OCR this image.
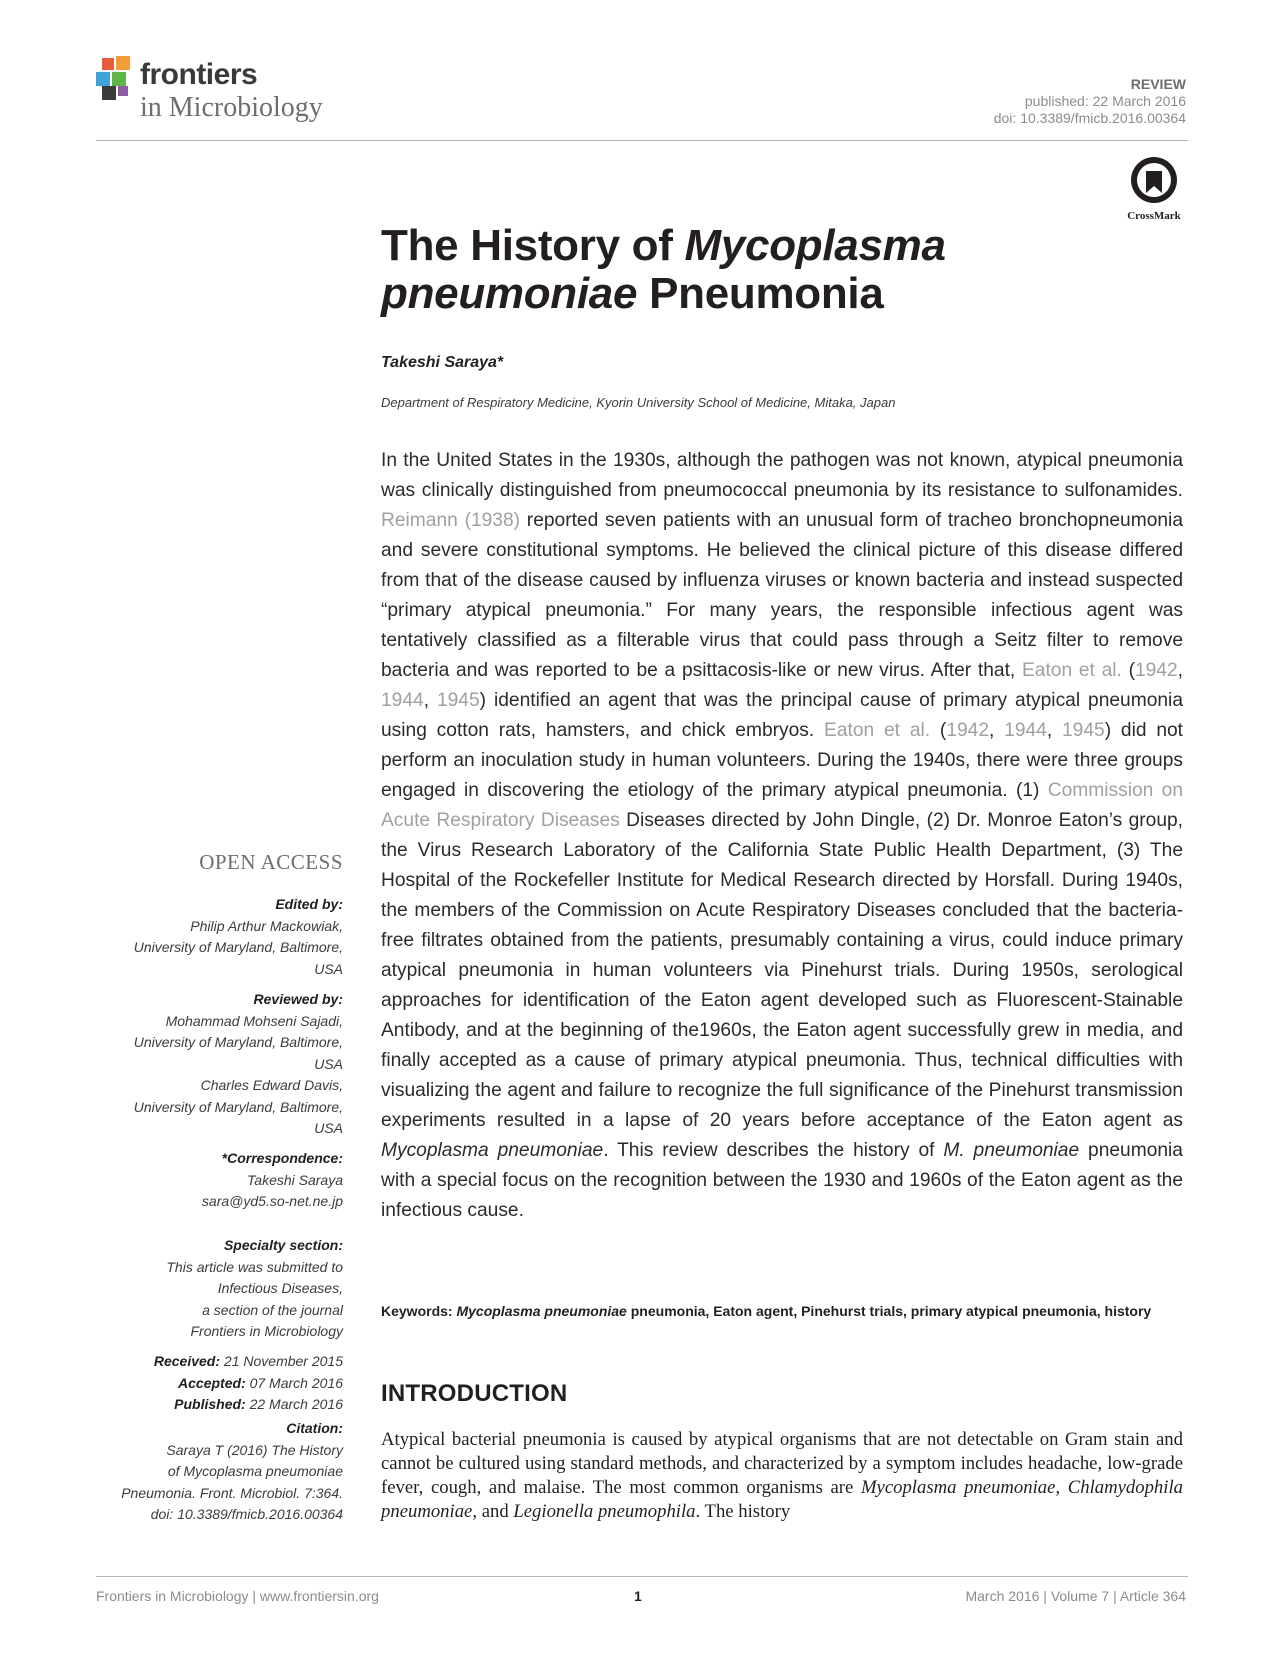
frontiers
in Microbiology
REVIEW
published: 22 March 2016
doi: 10.3389/fmicb.2016.00364
CrossMark
The History of Mycoplasma
pneumoniae Pneumonia
Takeshi Saraya*
Department of Respiratory Medicine, Kyorin University School of Medicine, Mitaka, Japan
In the United States in the 1930s, although the pathogen was not known, atypical pneumonia was clinically distinguished from pneumococcal pneumonia by its resistance to sulfonamides. Reimann (1938) reported seven patients with an unusual form of tracheo bronchopneumonia and severe constitutional symptoms. He believed the clinical picture of this disease differed from that of the disease caused by influenza viruses or known bacteria and instead suspected “primary atypical pneumonia.” For many years, the responsible infectious agent was tentatively classified as a filterable virus that could pass through a Seitz filter to remove bacteria and was reported to be a psittacosis-like or new virus. After that, Eaton et al. (1942, 1944, 1945) identified an agent that was the principal cause of primary atypical pneumonia using cotton rats, hamsters, and chick embryos. Eaton et al. (1942, 1944, 1945) did not perform an inoculation study in human volunteers. During the 1940s, there were three groups engaged in discovering the etiology of the primary atypical pneumonia. (1) Commission on Acute Respiratory Diseases Diseases directed by John Dingle, (2) Dr. Monroe Eaton’s group, the Virus Research Laboratory of the California State Public Health Department, (3) The Hospital of the Rockefeller Institute for Medical Research directed by Horsfall. During 1940s, the members of the Commission on Acute Respiratory Diseases concluded that the bacteria-free filtrates obtained from the patients, presumably containing a virus, could induce primary atypical pneumonia in human volunteers via Pinehurst trials. During 1950s, serological approaches for identification of the Eaton agent developed such as Fluorescent-Stainable Antibody, and at the beginning of the1960s, the Eaton agent successfully grew in media, and finally accepted as a cause of primary atypical pneumonia. Thus, technical difficulties with visualizing the agent and failure to recognize the full significance of the Pinehurst transmission experiments resulted in a lapse of 20 years before acceptance of the Eaton agent as Mycoplasma pneumoniae. This review describes the history of M. pneumoniae pneumonia with a special focus on the recognition between the 1930 and 1960s of the Eaton agent as the infectious cause.
Keywords: Mycoplasma pneumoniae pneumonia, Eaton agent, Pinehurst trials, primary atypical pneumonia, history
INTRODUCTION
Atypical bacterial pneumonia is caused by atypical organisms that are not detectable on Gram stain and cannot be cultured using standard methods, and characterized by a symptom includes headache, low-grade fever, cough, and malaise. The most common organisms are Mycoplasma pneumoniae, Chlamydophila pneumoniae, and Legionella pneumophila. The history
OPEN ACCESS
Edited by:
Philip Arthur Mackowiak,
University of Maryland, Baltimore,
USA
Reviewed by:
Mohammad Mohseni Sajadi,
University of Maryland, Baltimore,
USA
Charles Edward Davis,
University of Maryland, Baltimore,
USA
*Correspondence:
Takeshi Saraya
sara@yd5.so-net.ne.jp
Specialty section:
This article was submitted to
Infectious Diseases,
a section of the journal
Frontiers in Microbiology
Received: 21 November 2015
Accepted: 07 March 2016
Published: 22 March 2016
Citation:
Saraya T (2016) The History
of Mycoplasma pneumoniae
Pneumonia. Front. Microbiol. 7:364.
doi: 10.3389/fmicb.2016.00364
Frontiers in Microbiology | www.frontiersin.org	1	March 2016 | Volume 7 | Article 364
